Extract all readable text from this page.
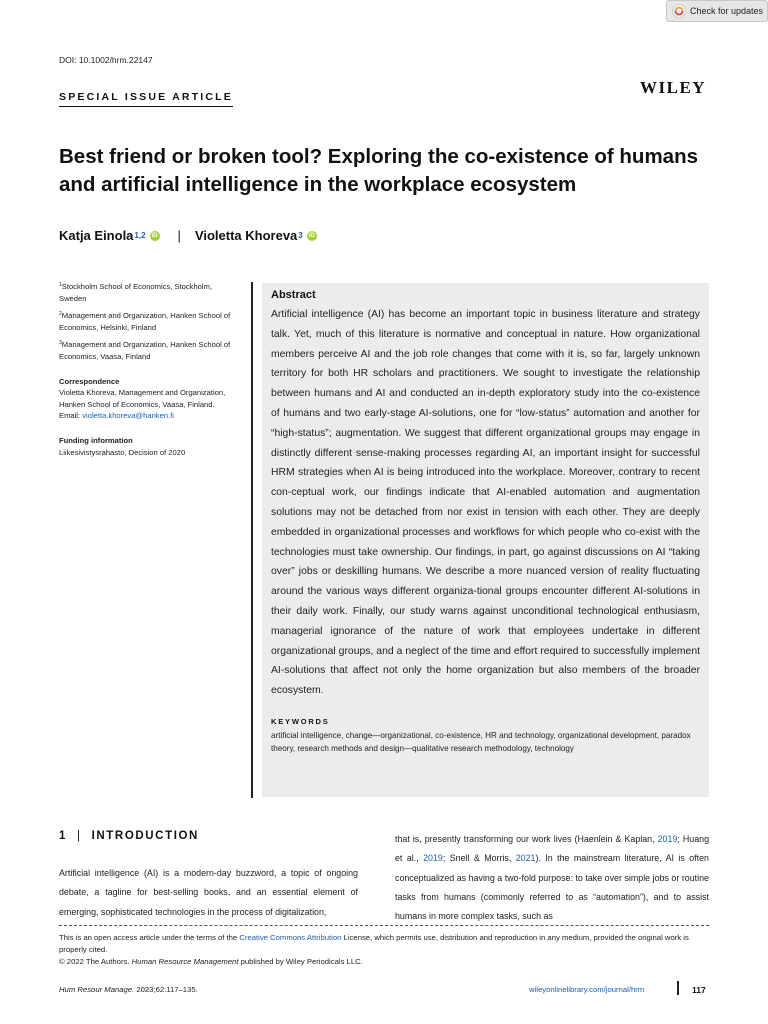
Check for updates
DOI: 10.1002/hrm.22147
WILEY
SPECIAL ISSUE ARTICLE
Best friend or broken tool? Exploring the co-existence of humans and artificial intelligence in the workplace ecosystem
Katja Einola 1,2	iD | Violetta Khoreva 3	iD
$^1$Stockholm School of Economics, Stockholm, Sweden
$^2$Management and Organization, Hanken School of Economics, Helsinki, Finland
$^3$Management and Organization, Hanken School of Economics, Vaasa, Finland
Correspondence
Violetta Khoreva, Management and Organization, Hanken School of Economics, Vaasa, Finland.
Email: violetta.khoreva@hanken.fi
Funding information
Liikesivistysrahasto, Decision of 2020
Abstract

Artificial intelligence (AI) has become an important topic in business literature and strategy talk. Yet, much of this literature is normative and conceptual in nature. How organizational members perceive AI and the job role changes that come with it is, so far, largely unknown territory for both HR scholars and practitioners. We sought to investigate the relationship between humans and AI and conducted an in-depth exploratory study into the co-existence of humans and two early-stage AI-solutions, one for “low-status” automation and another for “high-status”; augmentation. We suggest that different organizational groups may engage in distinctly different sense-making processes regarding AI, an important insight for successful HRM strategies when AI is being introduced into the workplace. Moreover, contrary to recent con-ceptual work, our findings indicate that AI-enabled automation and augmentation solutions may not be detached from nor exist in tension with each other. They are deeply embedded in organizational processes and workflows for which people who co-exist with the technologies must take ownership. Our findings, in part, go against discussions on AI “taking over” jobs or deskilling humans. We describe a more nuanced version of reality fluctuating around the various ways different organiza-tional groups encounter different AI-solutions in their daily work. Finally, our study warns against unconditional technological enthusiasm, managerial ignorance of the nature of work that employees undertake in different organizational groups, and a neglect of the time and effort required to successfully implement AI-solutions that affect not only the home organization but also members of the broader ecosystem.

KEYWORDS

artificial intelligence, change—organizational, co-existence, HR and technology, organizational development, paradox theory, research methods and design—qualitative research methodology, technology

1 | INTRODUCTION

Artificial intelligence (AI) is a modern-day buzzword, a topic of ongoing debate, a tagline for best-selling books, and an essential element of emerging, sophisticated technologies in the process of digitalization,

that is, presently transforming our work lives (Haenlein & Kaplan, 2019; Huang et al., 2019; Snell & Morris, 2021). In the mainstream literature, AI is often conceptualized as having a two-fold purpose: to take over simple jobs or routine tasks from humans (commonly referred to as “automation”), and to assist humans in more complex tasks, such as

This is an open access article under the terms of the Creative Commons Attribution License, which permits use, distribution and reproduction in any medium, provided the original work is properly cited.
© 2022 The Authors. Human Resource Management published by Wiley Periodicals LLC.
Hum Resour Manage. 2023;62:117–135.	wileyonlinelibrary.com/journal/hrm	117
